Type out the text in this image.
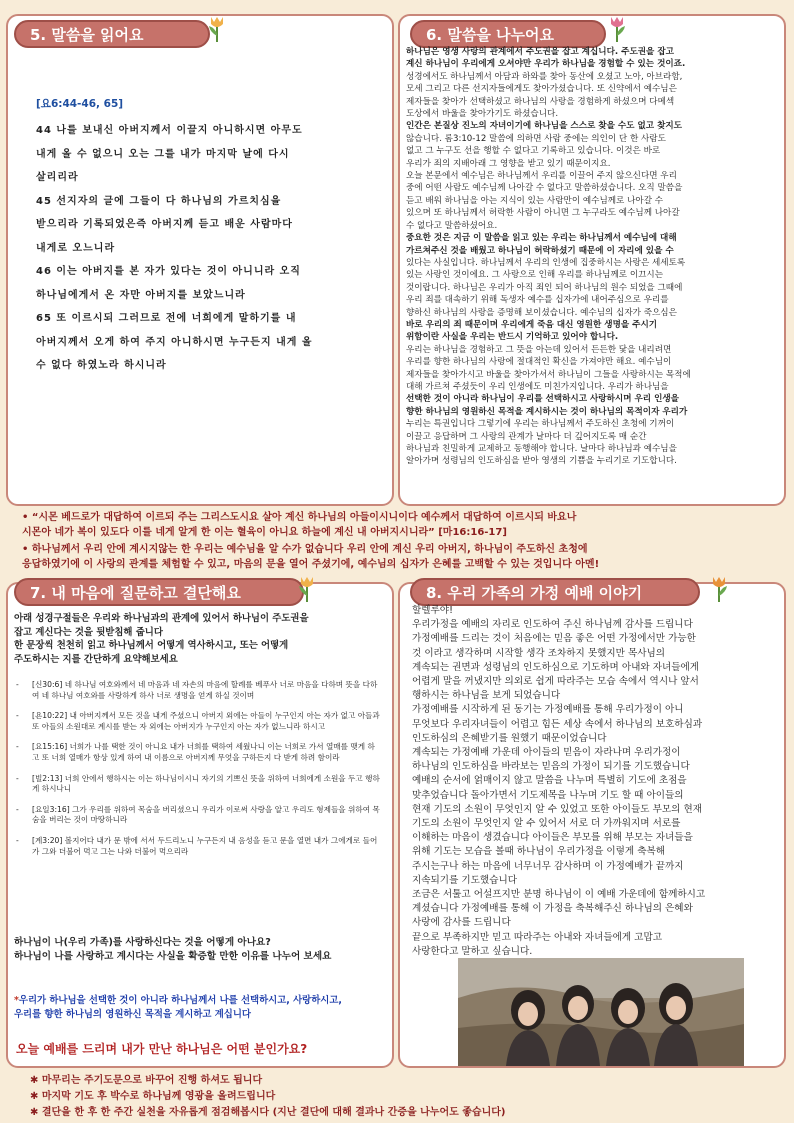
5. 말씀을 읽어요
[요6:44-46, 65]
44 나를 보내신 아버지께서 이끌지 아니하시면 아무도
내게 올 수 없으니 오는 그를 내가 마지막 날에 다시
살리리라
45 선지자의 글에 그들이 다 하나님의 가르치심을
받으리라 기록되었은즉 아버지께 듣고 배운 사람마다
내게로 오느니라
46 이는 아버지를 본 자가 있다는 것이 아니니라 오직
하나님에게서 온 자만 아버지를 보았느니라
65 또 이르시되 그러므로 전에 너희에게 말하기를 내
아버지께서 오게 하여 주지 아니하시면 누구든지 내게 올
수 없다 하였노라 하시니라
6. 말씀을 나누어요
하나님은 영생 사랑의 관계에서 주도권을 잡고 계십니다. 주도권을 잡고
계신 하나님이 우리에게 오셔야만 우리가 하나님을 경험할 수 있는 것이죠.
성경에서도 하나님께서 아담과 하와를 찾아 동산에 오셨고 노아, 아브라함,
모세 그리고 다른 선지자들에게도 찾아가셨습니다. 또 신약에서 예수님은
제자들을 찾아가 선택하셨고 하나님의 사랑을 경험하게 하셨으며 다메섹
도상에서 바울을 찾아가기도 하셨습니다.
인간은 본질상 진노의 자녀이기에 하나님을 스스로 찾을 수도 없고 찾지도
않습니다. 롬3:10-12 말씀에 의하면 사람 중에는 의인이 단 한 사람도
없고 그 누구도 선을 행할 수 없다고 기록하고 있습니다. 이것은 바로
우리가 죄의 지배아래 그 영향을 받고 있기 때문이지요.
오늘 본문에서 예수님은 하나님께서 우리를 이끌어 주지 않으신다면 우리
중에 어떤 사람도 예수님께 나아갈 수 없다고 말씀하셨습니다. 오직 말씀을
듣고 배워 하나님을 아는 지식이 있는 사람만이 예수님께로 나아갈 수
있으며 또 하나님께서 허락한 사람이 아니면 그 누구라도 예수님께 나아갈
수 없다고 말씀하셨어요.
중요한 것은 지금 이 말씀을 읽고 있는 우리는 하나님께서 예수님에 대해
가르쳐주신 것을 배웠고 하나님이 허락하셨기 때문에 이 자리에 있을 수
있다는 사실입니다. 하나님께서 우리의 인생에 집중하시는 사랑은 세세토록
있는 사랑인 것이에요. 그 사랑으로 인해 우리를 하나님께로 이끄시는
것이랍니다. 하나님은 우리가 아직 죄인 되어 하나님의 원수 되었을 그때에
우리 죄를 대속하기 위해 독생자 예수를 십자가에 내어주심으로 우리를
향하신 하나님의 사랑을 증명해 보이셨습니다. 예수님의 십자가 죽으심은
바로 우리의 죄 때문이며 우리에게 죽음 대신 영원한 생명을 주시기
위함이란 사실을 우리는 반드시 기억하고 있어야 합니다.
우리는 하나님을 경험하고 그 뜻을 아는데 있어서 든든한 닻을 내리려면
우리를 향한 하나님의 사랑에 절대적인 확신을 가져야만 해요. 예수님이
제자들을 찾아가시고 바울을 찾아가셔서 하나님이 그들을 사랑하시는 목적에
대해 가르쳐 주셨듯이 우리 인생에도 미친가지입니다. 우리가 하나님을
선택한 것이 아니라 하나님이 우리를 선택하시고 사랑하시며 우리 인생을
향한 하나님의 영원하신 목적을 계시하시는 것이 하나님의 목적이자 우리가
누리는 특권입니다 그렇기에 우리는 하나님께서 주도하신 초청에 기꺼이
이끌고 응답하며 그 사랑의 관계가 날마다 더 깊어지도록 매 순간
하나님과 친밀하게 교제하고 동행해야 합니다. 날마다 하나님과 예수님을
알아가며 성령님의 인도하심을 받아 영생의 기쁨을 누리기로 기도합니다.
• “시몬 베드로가 대답하여 이르되 주는 그리스도시요 살아 계신 하나님의 아들이시니이다 예수께서 대답하여 이르시되 바요나
시몬아 네가 복이 있도다 이를 네게 알게 한 이는 혈육이 아니요 하늘에 계신 내 아버지시니라” [마16:16-17]
• 하나님께서 우리 안에 계시지않는 한 우리는 예수님을 알 수가 없습니다 우리 안에 계신 우리 아버지, 하나님이 주도하신 초청에
응답하였기에 이 사랑의 관계를 체험할 수 있고, 마음의 문을 열어 주셨기에, 예수님의 십자가 은혜를 고백할 수 있는 것입니다 아멘!
7. 내 마음에 질문하고 결단해요
아래 성경구절들은 우리와 하나님과의 관계에 있어서 하나님이 주도권을
잡고 계신다는 것을 뒷받침해 줍니다
한 문장씩 천천히 읽고 하나님께서 어떻게 역사하시고, 또는 어떻게
주도하시는 지를 간단하게 요약해보세요
-	[신30:6] 네 하나님 여호와께서 네 마음과 네 자손의 마음에 할례를 베푸사 너로 마음을 다하며 뜻을 다하여 네 하나님 여호와를 사랑하게 하사 너로 생명을 얻게 하실 것이며
-	[욘10:22] 내 아버지께서 모든 것을 내게 주셨으니 아버지 외에는 아들이 누구인지 아는 자가 없고 아들과 또 아들의 소원대로 계시를 받는 자 외에는 아버지가 누구인지 아는 자가 없느니라 하시고
-	[요15:16] 너희가 나를 택한 것이 아니요 내가 너희를 택하여 세웠나니 이는 너희로 가서 열매를 맺게 하고 또 너희 열매가 항상 있게 하여 내 이름으로 아버지께 무엇을 구하든지 다 받게 하려 함이라
-	[빌2:13] 너희 안에서 행하시는 이는 하나님이시니 자기의 기쁘신 뜻을 위하여 너희에게 소원을 두고 행하게 하시나니
-	[요일3:16] 그가 우리를 위하여 목숨을 버리셨으니 우리가 이로써 사랑을 알고 우리도 형제들을 위하여 목숨을 버리는 것이 마땅하니라
-	[계3:20] 볼지어다 내가 문 밖에 서서 두드리노니 누구든지 내 음성을 듣고 문을 열면 내가 그에게로 들어가 그와 더불어 먹고 그는 나와 더불어 먹으리라
하나님이 나(우리 가족)를 사랑하신다는 것을 어떻게 아나요?
하나님이 나를 사랑하고 계시다는 사실을 확증할 만한 이유를 나누어 보세요
*우리가 하나님을 선택한 것이 아니라 하나님께서 나를 선택하시고, 사랑하시고,
우리를 향한 하나님의 영원하신 목적을 계시하고 계십니다
오늘 예배를 드리며 내가 만난 하나님은 어떤 분인가요?
8. 우리 가족의 가정 예배 이야기
할렐루야!
우리가정을 예배의 자리로 인도하여 주신 하나님께 감사를 드립니다
가정예배를 드리는 것이 처음에는 믿음 좋은 어떤 가정에서만 가능한
것 이라고 생각하며 시작할 생각 조차하지 못했지만 목사님의
계속되는 권면과 성령님의 인도하심으로 기도하며 아내와 자녀들에게
어렵게 말을 꺼냈지만 의외로 쉽게 따라주는 모습 속에서 역시나 앞서
행하시는 하나님을 보게 되었습니다
가정예배를 시작하게 된 동기는 가정예배를 통해 우리가정이 아니
무엇보다 우리자녀들이 어렵고 힘든 세상 속에서 하나님의 보호하심과
인도하심의 은혜받기를 원했기 때문이었습니다
계속되는 가정예배 가운데 아이들의 믿음이 자라나며 우리가정이
하나님의 인도하심을 바라보는 믿음의 가정이 되기를 기도했습니다
예배의 순서에 얽매이지 않고 말씀을 나누며 특별히 기도에 초점을
맞추었습니다 돌아가면서 기도제목을 나누며 기도 할 때 아이들의
현재 기도의 소원이 무엇인지 알 수 있었고 또한 아이들도 부모의 현재
기도의 소원이 무엇인지 알 수 있어서 서로 더 가까워지며 서로를
이해하는 마음이 생겼습니다 아이들은 부모를 위해 부모는 자녀들을
위해 기도는 모습을 볼때 하나님이 우리가정을 이렇게 축복해
주시는구나 하는 마음에 너무너무 감사하며 이 가정예배가 끝까지
지속되기를 기도했습니다
조금은 서툴고 어설프지만 분명 하나님이 이 예배 가운데에 함께하시고
계셨습니다 가정예배를 통해 이 가정을 축복해주신 하나님의 은혜와
사랑에 감사를 드립니다
끝으로 부족하지만 믿고 따라주는 아내와 자녀들에게 고맙고
사랑한다고 말하고 싶습니다.
✱ 마무리는 주기도문으로 바꾸어 진행 하셔도 됩니다
✱ 마지막 기도 후 박수로 하나님께 영광을 올려드립니다
✱ 결단을 한 후 한 주간 실천을 자유롭게 점검해봅시다 (지난 결단에 대해 결과나 간증을 나누어도 좋습니다)
